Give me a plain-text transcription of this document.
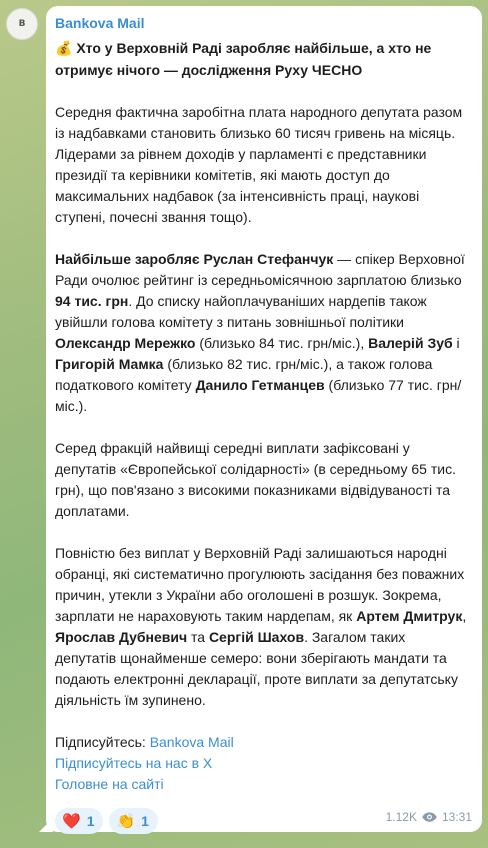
B Bankova Mail
💰 Хто у Верховній Раді заробляє найбільше, а хто не отримує нічого — дослідження Руху ЧЕСНО

Середня фактична заробітна плата народного депутата разом із надбавками становить близько 60 тисяч гривень на місяць. Лідерами за рівнем доходів у парламенті є представники президії та керівники комітетів, які мають доступ до максимальних надбавок (за інтенсивність праці, наукові ступені, почесні звання тощо).

Найбільше заробляє Руслан Стефанчук — спікер Верховної Ради очолює рейтинг із середньомісячною зарплатою близько 94 тис. грн. До списку найоплачуваніших нардепів також увійшли голова комітету з питань зовнішньої політики Олександр Мережко (близько 84 тис. грн/міс.), Валерій Зуб і Григорій Мамка (близько 82 тис. грн/міс.), а також голова податкового комітету Данило Гетманцев (близько 77 тис. грн/міс.).

Серед фракцій найвищі середні виплати зафіксовані у депутатів «Європейської солідарності» (в середньому 65 тис. грн), що пов'язано з високими показниками відвідуваності та доплатами.

Повністю без виплат у Верховній Раді залишаються народні обранці, які систематично прогулюють засідання без поважних причин, утекли з України або оголошені в розшук. Зокрема, зарплати не нараховують таким нардепам, як Артем Дмитрук, Ярослав Дубневич та Сергій Шахов. Загалом таких депутатів щонайменше семеро: вони зберігають мандати та подають електронні декларації, проте виплати за депутатську діяльність їм зупинено.

Підписуйтесь: Bankova Mail

Підписуйтесь на нас в Х

Головне на сайті

❤️ 1 👏 1	1.12K 13:31
